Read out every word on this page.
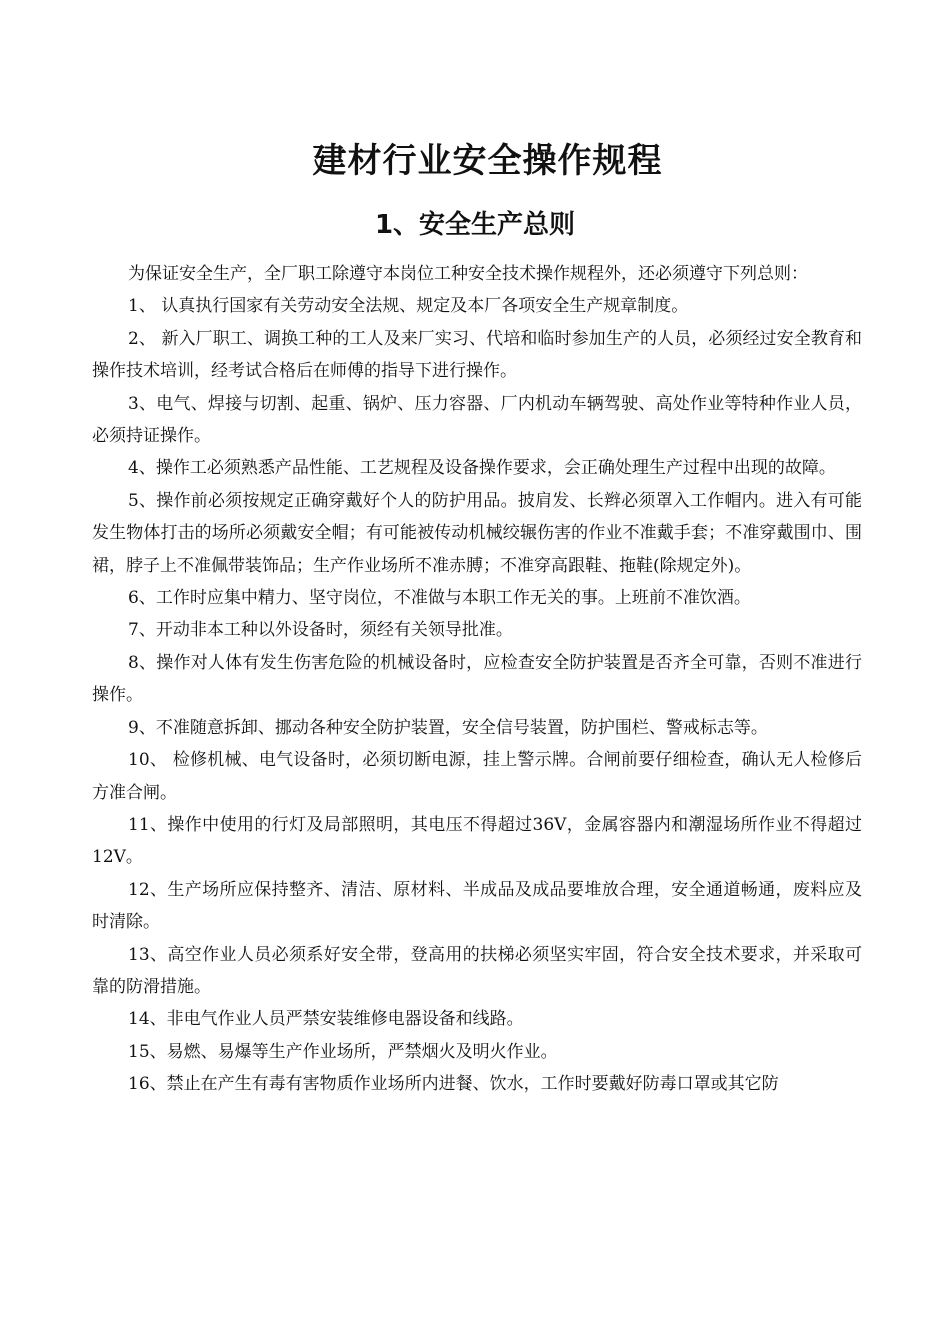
建材行业安全操作规程
1、安全生产总则

为保证安全生产，全厂职工除遵守本岗位工种安全技术操作规程外，还必须遵守下列总则：

1、 认真执行国家有关劳动安全法规、规定及本厂各项安全生产规章制度。

2、 新入厂职工、调换工种的工人及来厂实习、代培和临时参加生产的人员，必须经过安全教育和操作技术培训，经考试合格后在师傅的指导下进行操作。

3、电气、焊接与切割、起重、锅炉、压力容器、厂内机动车辆驾驶、高处作业等特种作业人员，必须持证操作。

4、操作工必须熟悉产品性能、工艺规程及设备操作要求，会正确处理生产过程中出现的故障。

5、操作前必须按规定正确穿戴好个人的防护用品。披肩发、长辫必须罩入工作帽内。进入有可能发生物体打击的场所必须戴安全帽；有可能被传动机械绞辗伤害的作业不准戴手套；不准穿戴围巾、围裙，脖子上不准佩带装饰品；生产作业场所不准赤膊；不准穿高跟鞋、拖鞋(除规定外)。

6、工作时应集中精力、坚守岗位，不准做与本职工作无关的事。上班前不准饮酒。

7、开动非本工种以外设备时，须经有关领导批准。

8、操作对人体有发生伤害危险的机械设备时，应检查安全防护装置是否齐全可靠，否则不准进行操作。

9、不准随意拆卸、挪动各种安全防护装置，安全信号装置，防护围栏、警戒标志等。

10、 检修机械、电气设备时，必须切断电源，挂上警示牌。合闸前要仔细检查，确认无人检修后方准合闸。

11、操作中使用的行灯及局部照明，其电压不得超过36V，金属容器内和潮湿场所作业不得超过12V。

12、生产场所应保持整齐、清洁、原材料、半成品及成品要堆放合理，安全通道畅通，废料应及时清除。

13、高空作业人员必须系好安全带，登高用的扶梯必须坚实牢固，符合安全技术要求，并采取可靠的防滑措施。

14、非电气作业人员严禁安装维修电器设备和线路。

15、易燃、易爆等生产作业场所，严禁烟火及明火作业。

16、禁止在产生有毒有害物质作业场所内进餐、饮水，工作时要戴好防毒口罩或其它防
